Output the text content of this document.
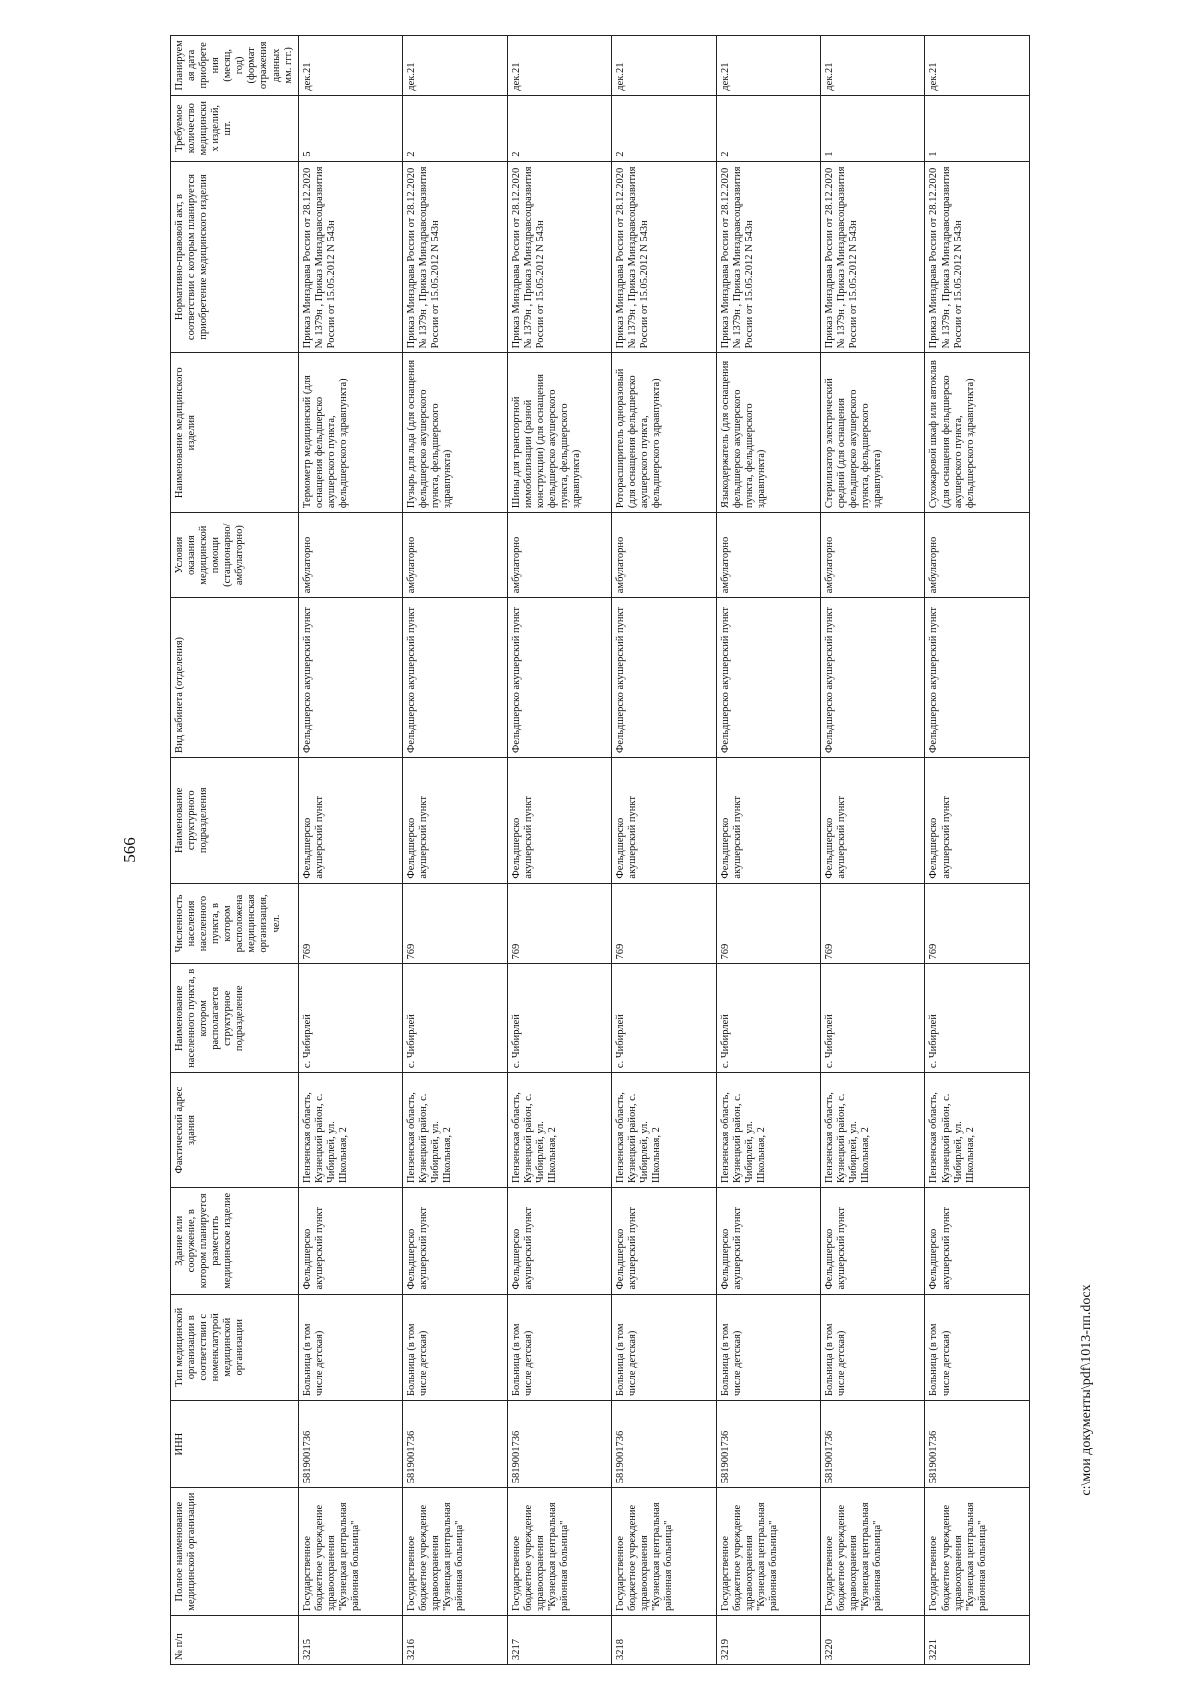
566
№ п/п	Полное наименование медицинской организации	ИНН	Тип медицинской организации в соответствии с номенклатурой медицинской организации	Здание или сооружение, в котором планируется разместить медицинское изделие	Фактический адрес здания	Наименование населенного пункта, в котором располагается структурное подразделение	Численность населения населенного пункта, в котором расположена медицинская организация, чел.	Наименование структурного подразделения	Вид кабинета (отделения)	Условия оказания медицинской помощи (стационарно/ амбулаторно)	Наименование медицинского изделия	Нормативно-правовой акт, в соответствии с которым планируется приобретение медицинского изделия	Требуемое количество медицинских изделий, шт.	Планируемая дата приобретения (месяц, год) (формат отражения данных мм. ггг.)
3215	Государственное бюджетное учреждение здравоохранения "Кузнецкая центральная районная больница"	5819001736	Больница (в том числе детская)	Фельдшерско акушерский пункт	Пензенская область, Кузнецкий район, с. Чибирлей, ул. Школьная, 2	с. Чибирлей	769	Фельдшерско акушерский пункт	Фельдшерско акушерский пункт	амбулаторно	Термометр медицинский (для оснащения фельдшерско акушерского пункта, фельдшерского здравпункта)	Приказ Минздрава России от 28.12.2020 № 1379н , Приказ Минздравсоцразвития России от 15.05.2012 N 543н	5	дек.21
3216	Государственное бюджетное учреждение здравоохранения "Кузнецкая центральная районная больница"	5819001736	Больница (в том числе детская)	Фельдшерско акушерский пункт	Пензенская область, Кузнецкий район, с. Чибирлей, ул. Школьная, 2	с. Чибирлей	769	Фельдшерско акушерский пункт	Фельдшерско акушерский пункт	амбулаторно	Пузырь для льда (для оснащения фельдшерско акушерского пункта, фельдшерского здравпункта)	Приказ Минздрава России от 28.12.2020 № 1379н , Приказ Минздравсоцразвития России от 15.05.2012 N 543н	2	дек.21
3217	Государственное бюджетное учреждение здравоохранения "Кузнецкая центральная районная больница"	5819001736	Больница (в том числе детская)	Фельдшерско акушерский пункт	Пензенская область, Кузнецкий район, с. Чибирлей, ул. Школьная, 2	с. Чибирлей	769	Фельдшерско акушерский пункт	Фельдшерско акушерский пункт	амбулаторно	Шины для транспортной иммобилизации (разной конструкции) (для оснащения фельдшерско акушерского пункта, фельдшерского здравпункта)	Приказ Минздрава России от 28.12.2020 № 1379н , Приказ Минздравсоцразвития России от 15.05.2012 N 543н	2	дек.21
3218	Государственное бюджетное учреждение здравоохранения "Кузнецкая центральная районная больница"	5819001736	Больница (в том числе детская)	Фельдшерско акушерский пункт	Пензенская область, Кузнецкий район, с. Чибирлей, ул. Школьная, 2	с. Чибирлей	769	Фельдшерско акушерский пункт	Фельдшерско акушерский пункт	амбулаторно	Роторасширитель одноразовый (для оснащения фельдшерско акушерского пункта, фельдшерского здравпункта)	Приказ Минздрава России от 28.12.2020 № 1379н , Приказ Минздравсоцразвития России от 15.05.2012 N 543н	2	дек.21
3219	Государственное бюджетное учреждение здравоохранения "Кузнецкая центральная районная больница"	5819001736	Больница (в том числе детская)	Фельдшерско акушерский пункт	Пензенская область, Кузнецкий район, с. Чибирлей, ул. Школьная, 2	с. Чибирлей	769	Фельдшерско акушерский пункт	Фельдшерско акушерский пункт	амбулаторно	Языкодержатель (для оснащения фельдшерско акушерского пункта, фельдшерского здравпункта)	Приказ Минздрава России от 28.12.2020 № 1379н , Приказ Минздравсоцразвития России от 15.05.2012 N 543н	2	дек.21
3220	Государственное бюджетное учреждение здравоохранения "Кузнецкая центральная районная больница"	5819001736	Больница (в том числе детская)	Фельдшерско акушерский пункт	Пензенская область, Кузнецкий район, с. Чибирлей, ул. Школьная, 2	с. Чибирлей	769	Фельдшерско акушерский пункт	Фельдшерско акушерский пункт	амбулаторно	Стерилизатор электрический средний (для оснащения фельдшерско акушерского пункта, фельдшерского здравпункта)	Приказ Минздрава России от 28.12.2020 № 1379н , Приказ Минздравсоцразвития России от 15.05.2012 N 543н	1	дек.21
3221	Государственное бюджетное учреждение здравоохранения "Кузнецкая центральная районная больница"	5819001736	Больница (в том числе детская)	Фельдшерско акушерский пункт	Пензенская область, Кузнецкий район, с. Чибирлей, ул. Школьная, 2	с. Чибирлей	769	Фельдшерско акушерский пункт	Фельдшерско акушерский пункт	амбулаторно	Сухожаровой шкаф или автоклав (для оснащения фельдшерско акушерского пункта, фельдшерского здравпункта)	Приказ Минздрава России от 28.12.2020 № 1379н , Приказ Минздравсоцразвития России от 15.05.2012 N 543н	1	дек.21
c:\мои документы\pdf\1013-пп.docx
